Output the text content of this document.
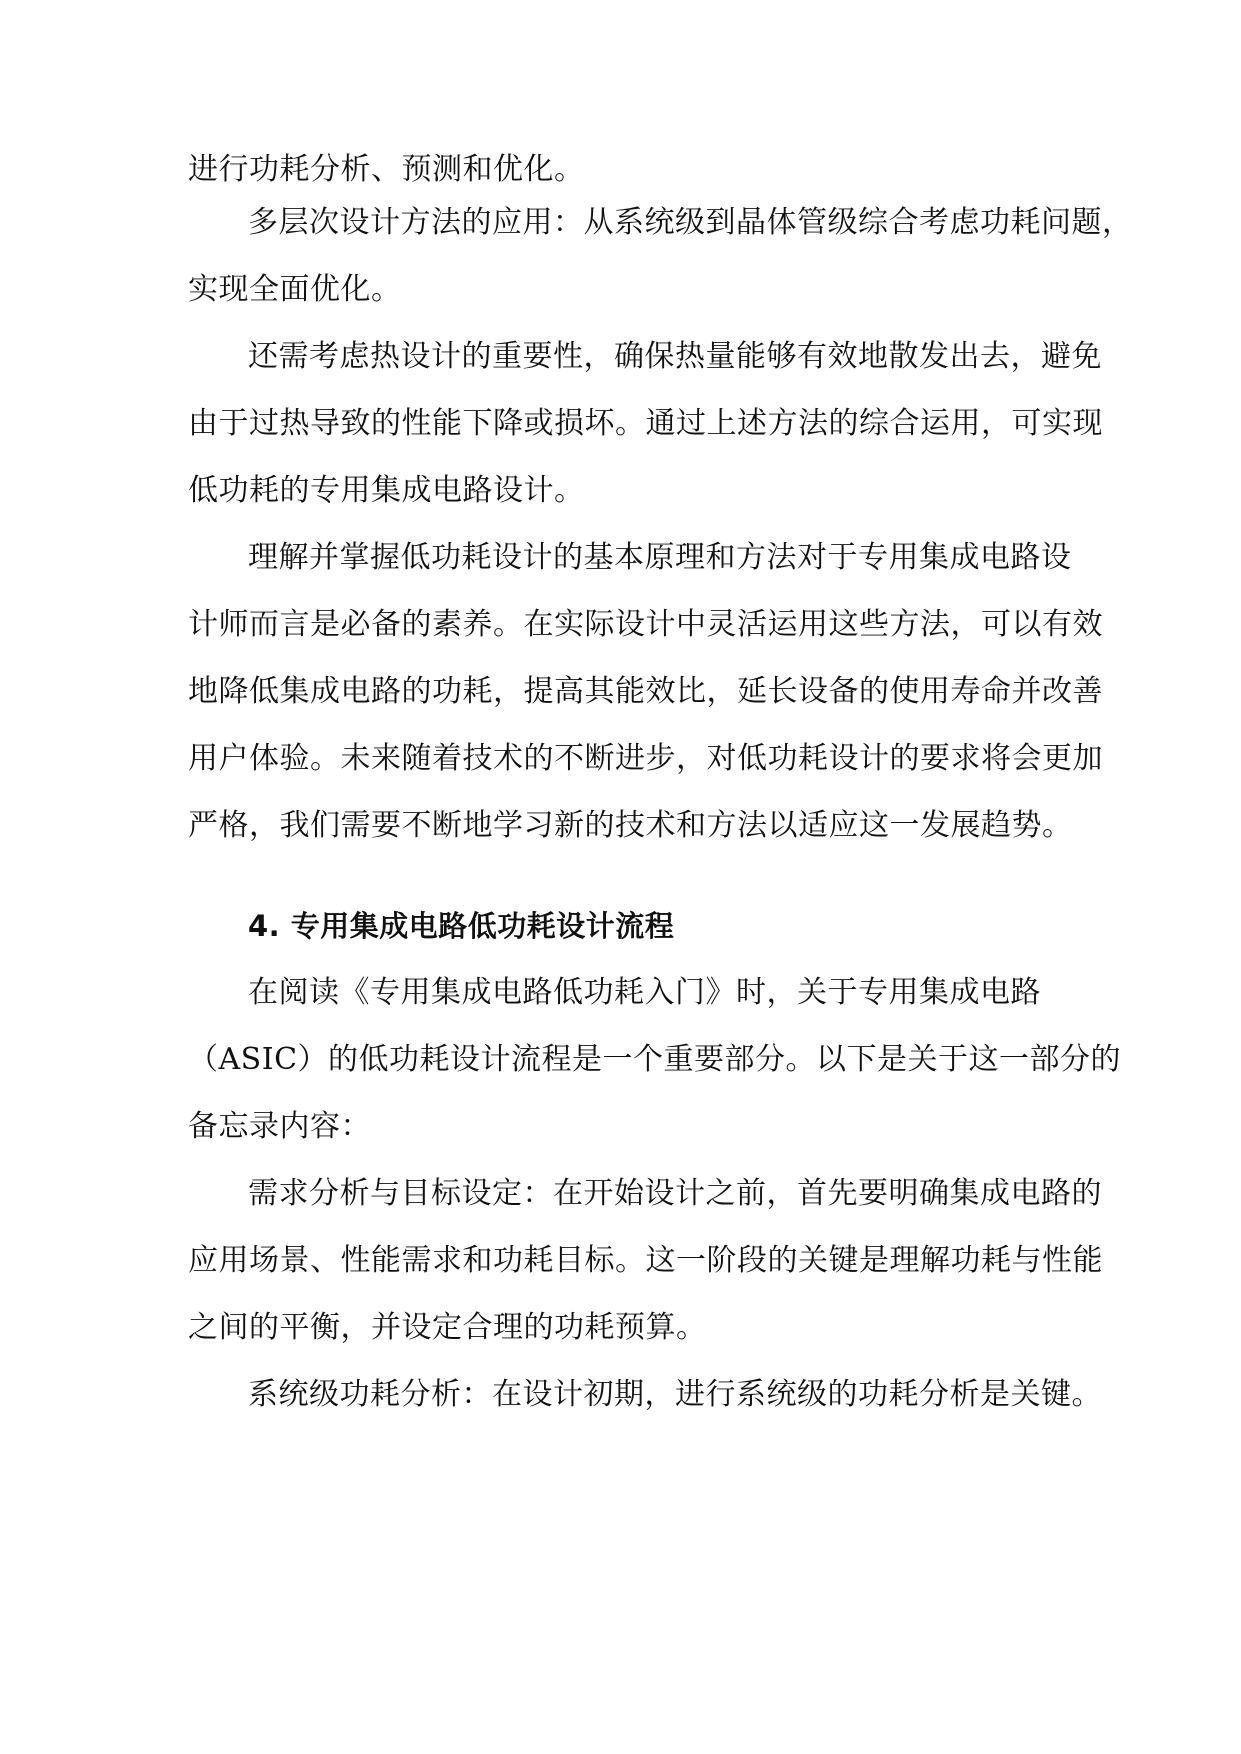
进行功耗分析、预测和优化。
多层次设计方法的应用：从系统级到晶体管级综合考虑功耗问题，
实现全面优化。
还需考虑热设计的重要性，确保热量能够有效地散发出去，避免
由于过热导致的性能下降或损坏。通过上述方法的综合运用，可实现
低功耗的专用集成电路设计。
理解并掌握低功耗设计的基本原理和方法对于专用集成电路设
计师而言是必备的素养。在实际设计中灵活运用这些方法，可以有效
地降低集成电路的功耗，提高其能效比，延长设备的使用寿命并改善
用户体验。未来随着技术的不断进步，对低功耗设计的要求将会更加
严格，我们需要不断地学习新的技术和方法以适应这一发展趋势。
4. 专用集成电路低功耗设计流程
在阅读《专用集成电路低功耗入门》时，关于专用集成电路
（ASIC）的低功耗设计流程是一个重要部分。以下是关于这一部分的
备忘录内容：
需求分析与目标设定：在开始设计之前，首先要明确集成电路的
应用场景、性能需求和功耗目标。这一阶段的关键是理解功耗与性能
之间的平衡，并设定合理的功耗预算。
系统级功耗分析：在设计初期，进行系统级的功耗分析是关键。
